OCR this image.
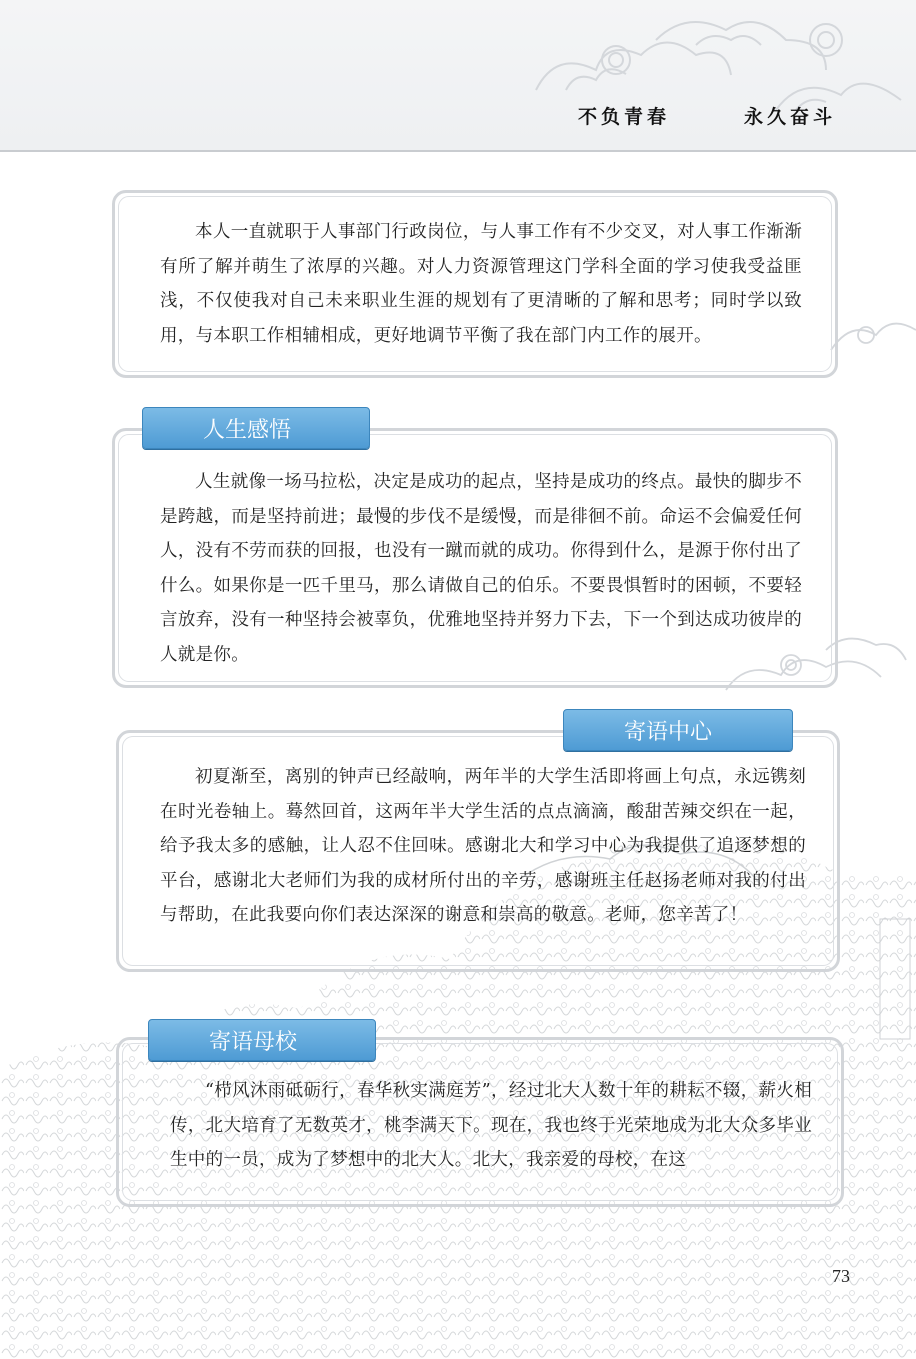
不负青春	永久奋斗
本人一直就职于人事部门行政岗位，与人事工作有不少交叉，对人事工作渐渐有所了解并萌生了浓厚的兴趣。对人力资源管理这门学科全面的学习使我受益匪浅，不仅使我对自己未来职业生涯的规划有了更清晰的了解和思考；同时学以致用，与本职工作相辅相成，更好地调节平衡了我在部门内工作的展开。
人生感悟
人生就像一场马拉松，决定是成功的起点，坚持是成功的终点。最快的脚步不是跨越，而是坚持前进；最慢的步伐不是缓慢，而是徘徊不前。命运不会偏爱任何人，没有不劳而获的回报，也没有一蹴而就的成功。你得到什么，是源于你付出了什么。如果你是一匹千里马，那么请做自己的伯乐。不要畏惧暂时的困顿，不要轻言放弃，没有一种坚持会被辜负，优雅地坚持并努力下去，下一个到达成功彼岸的人就是你。
寄语中心
初夏渐至，离别的钟声已经敲响，两年半的大学生活即将画上句点，永远镌刻在时光卷轴上。蓦然回首，这两年半大学生活的点点滴滴，酸甜苦辣交织在一起，给予我太多的感触，让人忍不住回味。感谢北大和学习中心为我提供了追逐梦想的平台，感谢北大老师们为我的成材所付出的辛劳，感谢班主任赵扬老师对我的付出与帮助，在此我要向你们表达深深的谢意和崇高的敬意。老师，您辛苦了！
寄语母校
“栉风沐雨砥砺行，春华秋实满庭芳”，经过北大人数十年的耕耘不辍，薪火相传，北大培育了无数英才，桃李满天下。现在，我也终于光荣地成为北大众多毕业生中的一员，成为了梦想中的北大人。北大，我亲爱的母校，在这
73
